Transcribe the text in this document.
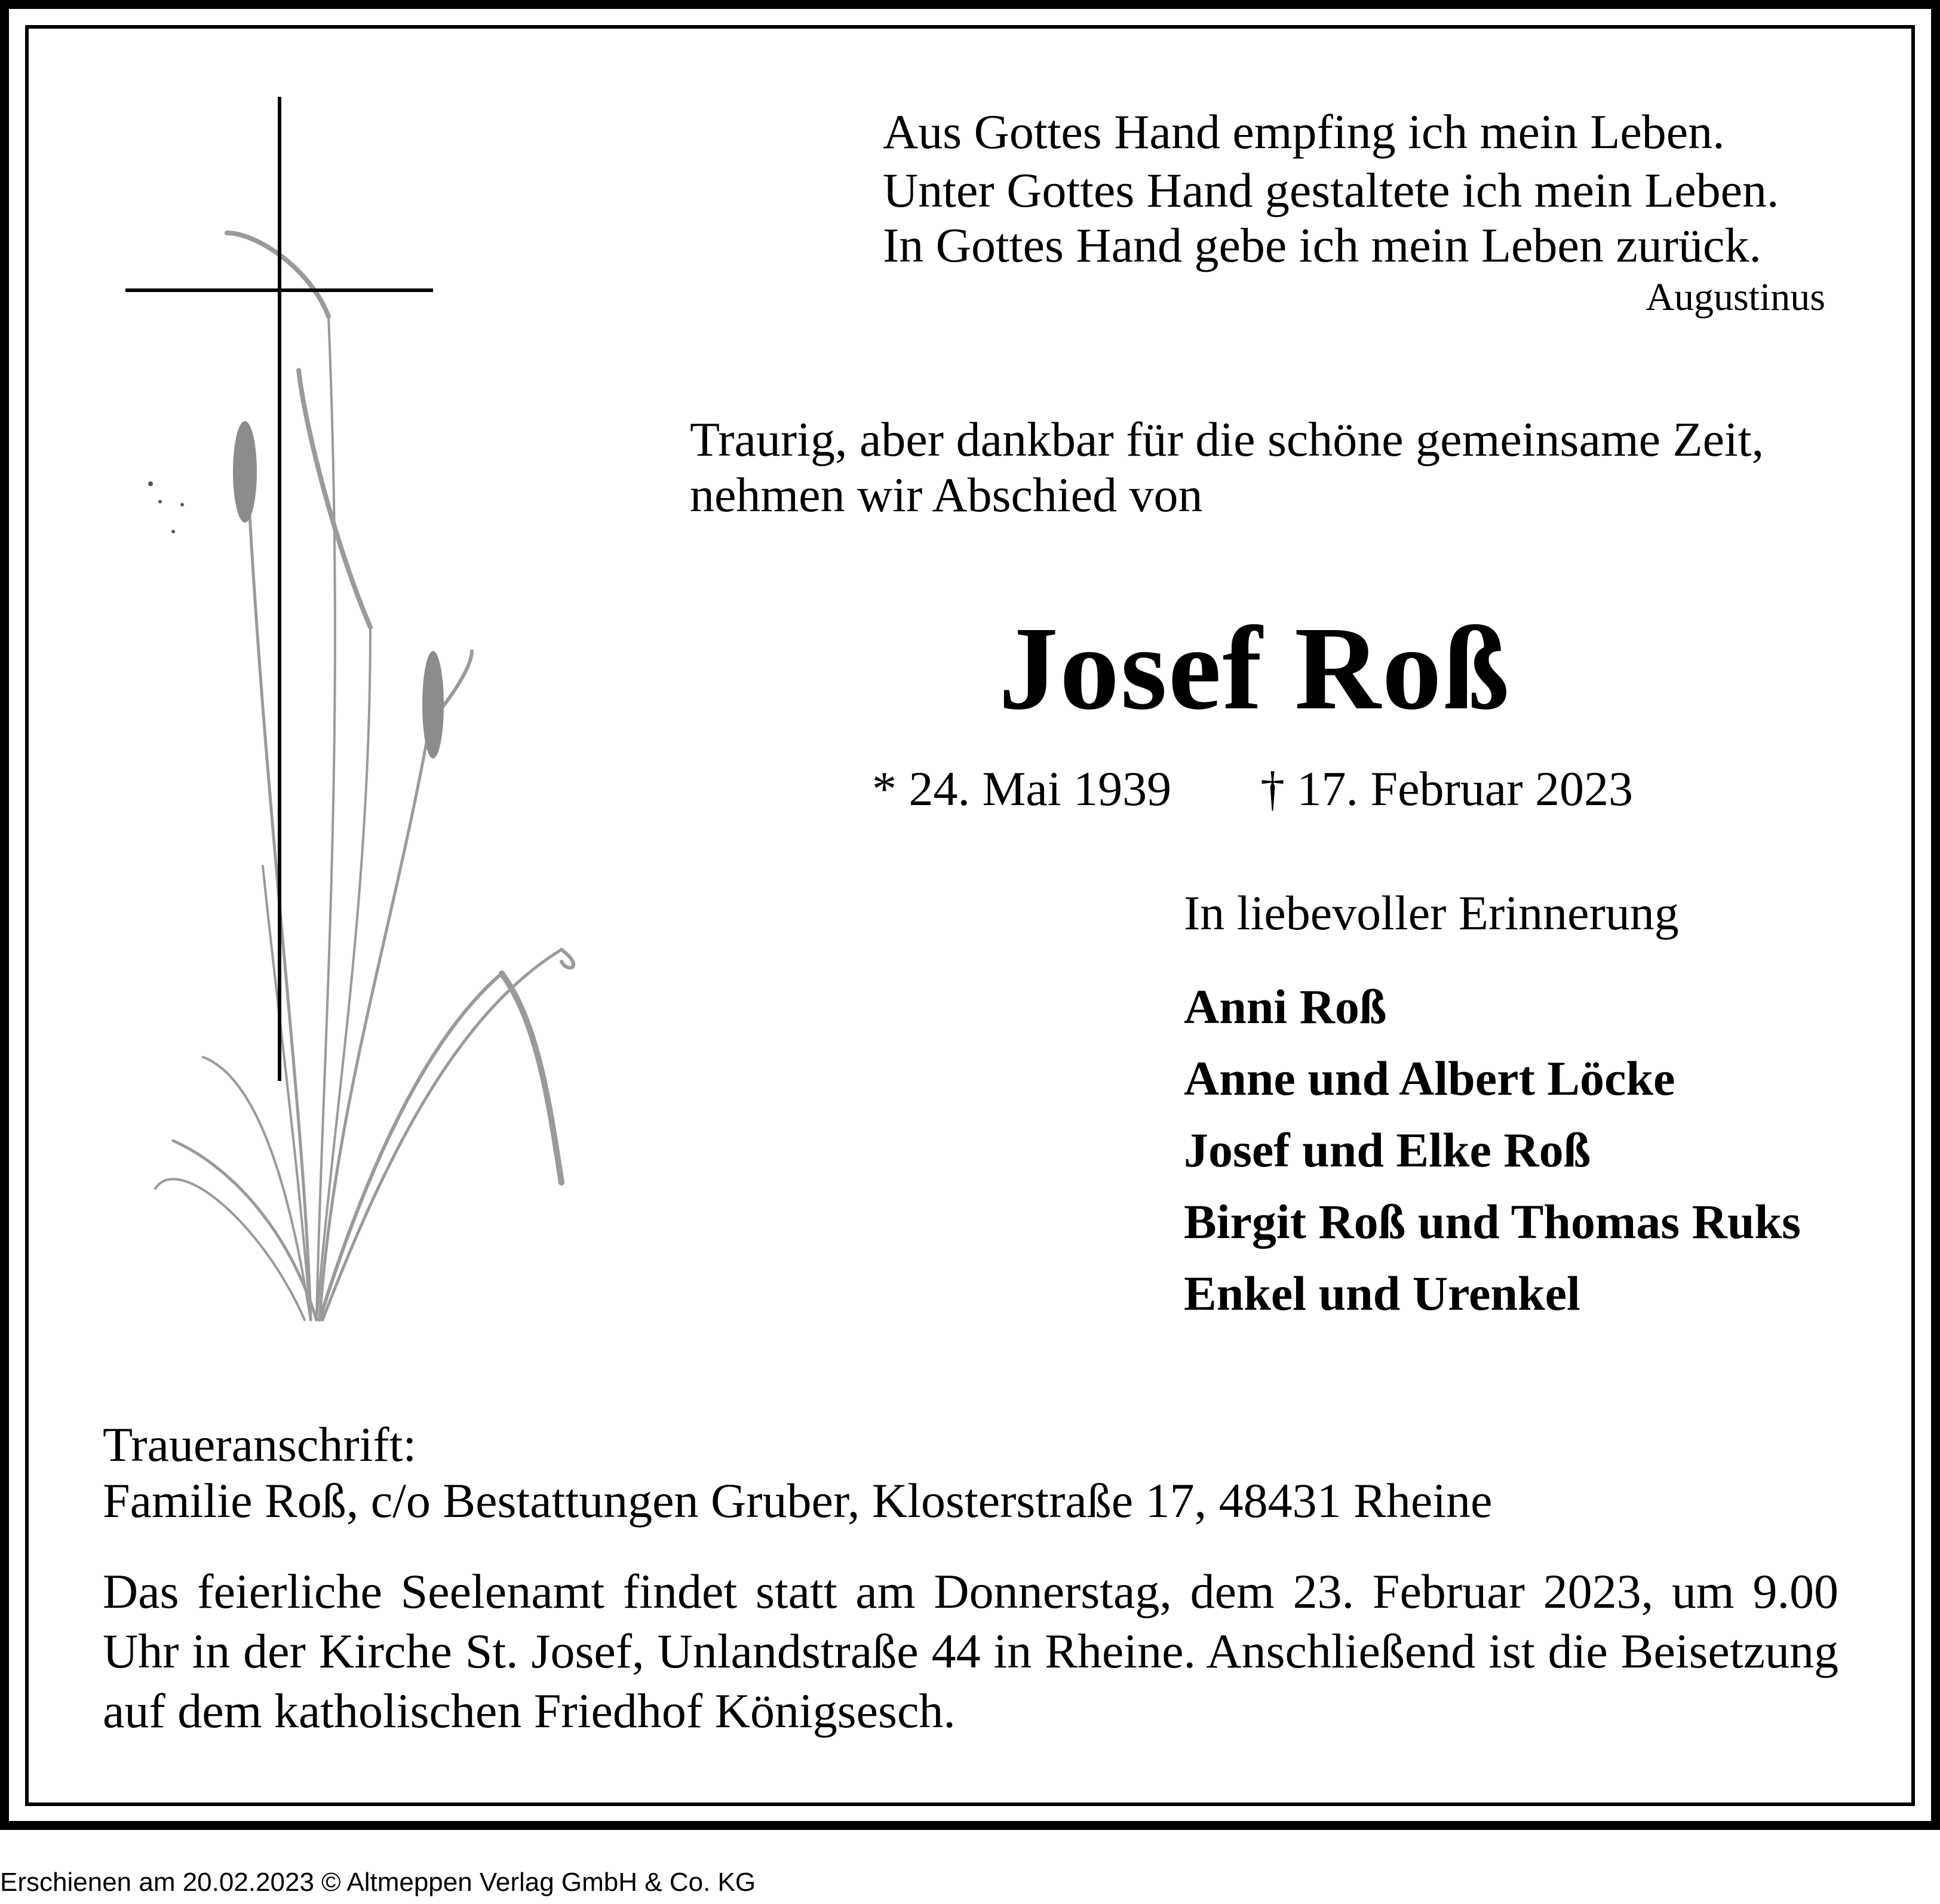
Aus Gottes Hand empfing ich mein Leben.
Unter Gottes Hand gestaltete ich mein Leben.
In Gottes Hand gebe ich mein Leben zurück.
Augustinus
Traurig, aber dankbar für die schöne gemeinsame Zeit,
nehmen wir Abschied von
Josef Roß
* 24. Mai 1939 † 17. Februar 2023
In liebevoller Erinnerung
Anni Roß
Anne und Albert Löcke
Josef und Elke Roß
Birgit Roß und Thomas Ruks
Enkel und Urenkel
Traueranschrift:
Familie Roß, c/o Bestattungen Gruber, Klosterstraße 17, 48431 Rheine
Das feierliche Seelenamt findet statt am Donnerstag, dem 23. Februar 2023, um 9.00 Uhr in der Kirche St. Josef, Unlandstraße 44 in Rheine. Anschließend ist die Beisetzung auf dem katholischen Friedhof Königsesch.
Erschienen am 20.02.2023 © Altmeppen Verlag GmbH & Co. KG
